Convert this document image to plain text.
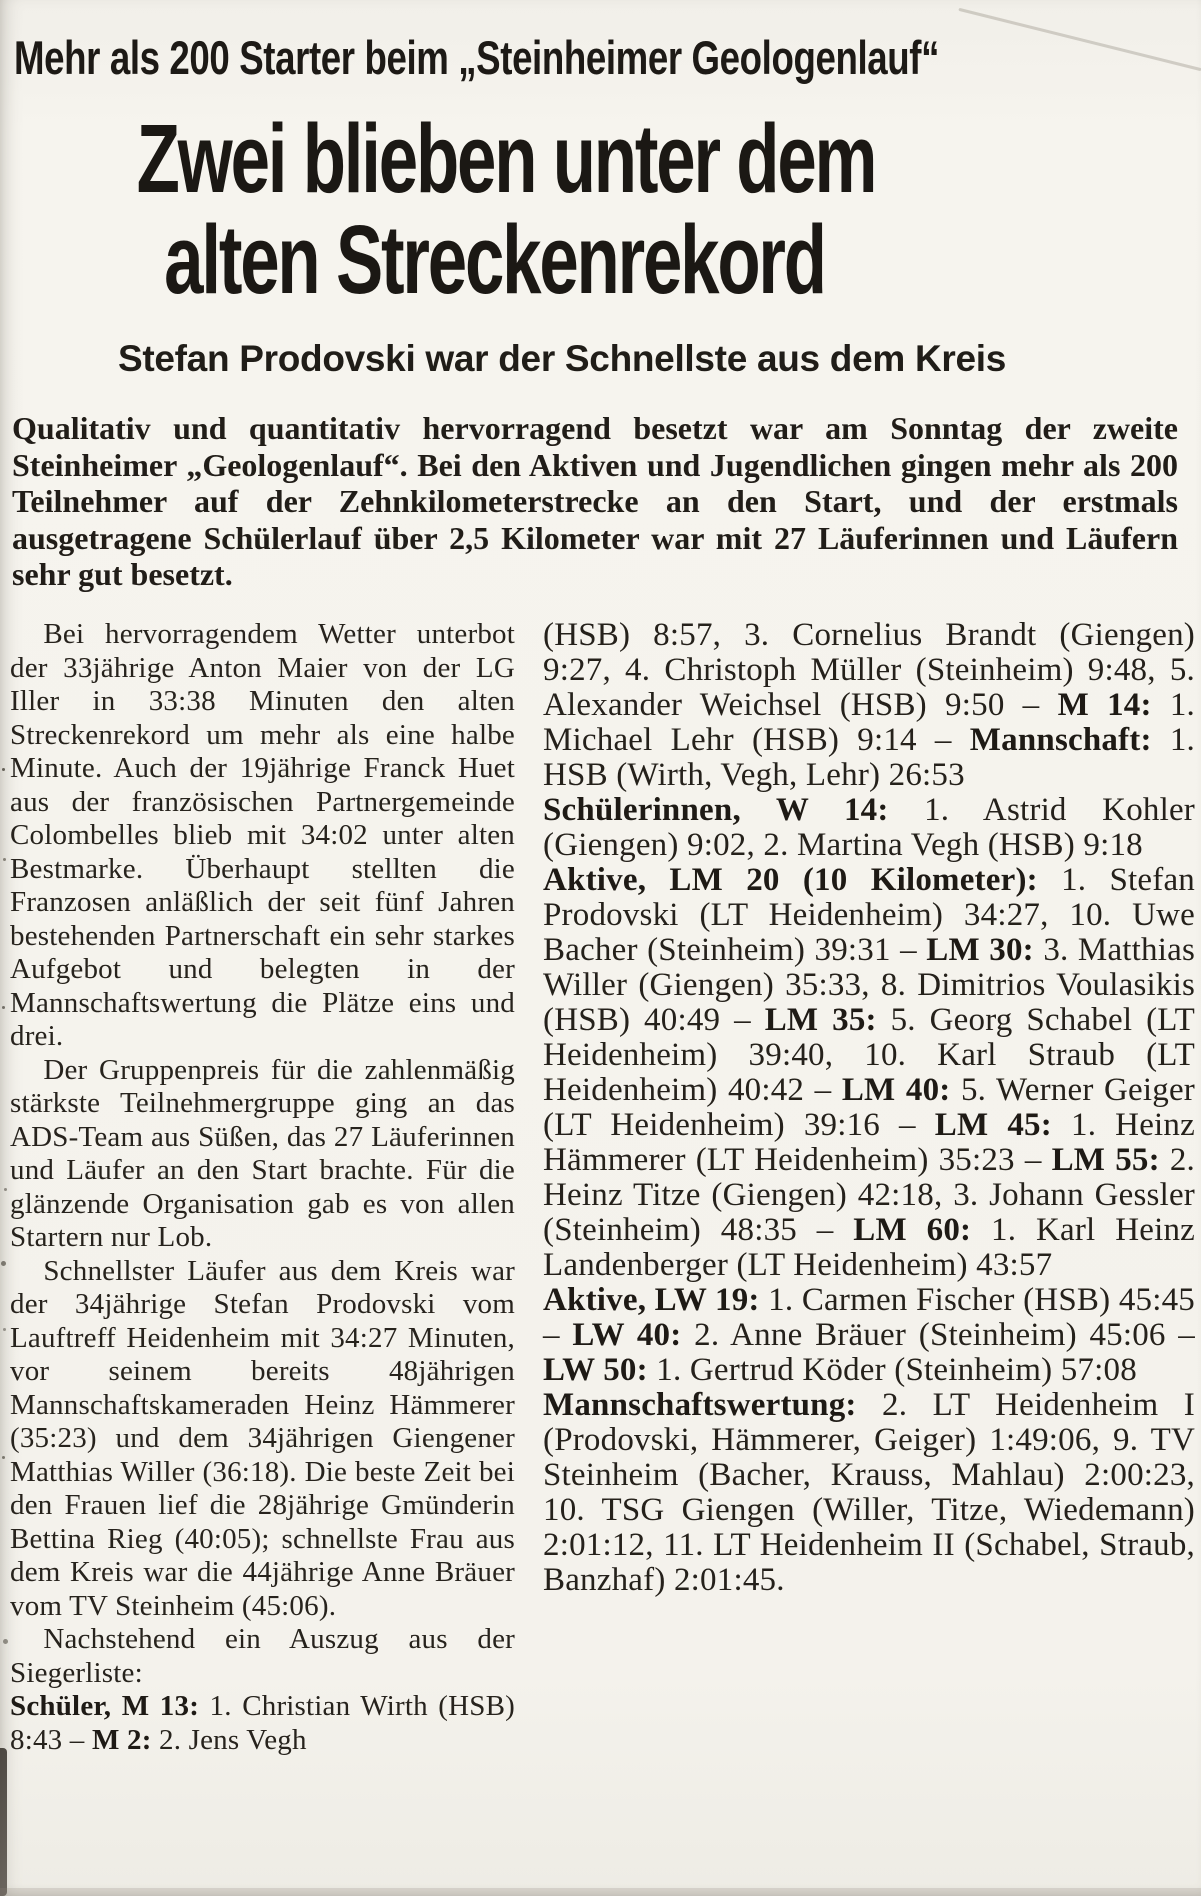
Mehr als 200 Starter beim „Steinheimer Geologenlauf“
Zwei blieben unter dem
alten Streckenrekord
Stefan Prodovski war der Schnellste aus dem Kreis
Qualitativ und quantitativ hervorragend besetzt war am Sonntag der zweite Steinheimer „Geologenlauf“. Bei den Aktiven und Jugendlichen gingen mehr als 200 Teilnehmer auf der Zehnkilometerstrecke an den Start, und der erstmals ausgetragene Schülerlauf über 2,5 Kilometer war mit 27 Läuferinnen und Läufern sehr gut besetzt.

Bei hervorragendem Wetter unterbot der 33jährige Anton Maier von der LG Iller in 33:38 Minuten den alten Streckenrekord um mehr als eine halbe Minute. Auch der 19jährige Franck Huet aus der französischen Partnergemeinde Colombelles blieb mit 34:02 unter alten Bestmarke. Überhaupt stellten die Franzosen anläßlich der seit fünf Jahren bestehenden Partnerschaft ein sehr starkes Aufgebot und belegten in der Mannschaftswertung die Plätze eins und drei.

Der Gruppenpreis für die zahlenmäßig stärkste Teilnehmergruppe ging an das ADS-Team aus Süßen, das 27 Läuferinnen und Läufer an den Start brachte. Für die glänzende Organisation gab es von allen Startern nur Lob.

Schnellster Läufer aus dem Kreis war der 34jährige Stefan Prodovski vom Lauftreff Heidenheim mit 34:27 Minuten, vor seinem bereits 48jährigen Mannschaftskameraden Heinz Hämmerer (35:23) und dem 34jährigen Giengener Matthias Willer (36:18). Die beste Zeit bei den Frauen lief die 28jährige Gmünderin Bettina Rieg (40:05); schnellste Frau aus dem Kreis war die 44jährige Anne Bräuer vom TV Steinheim (45:06).

Nachstehend ein Auszug aus der Siegerliste:

Schüler, M 13: 1. Christian Wirth (HSB) 8:43 – M 2: 2. Jens Vegh

(HSB) 8:57, 3. Cornelius Brandt (Giengen) 9:27, 4. Christoph Müller (Steinheim) 9:48, 5. Alexander Weichsel (HSB) 9:50 – M 14: 1. Michael Lehr (HSB) 9:14 – Mannschaft: 1. HSB (Wirth, Vegh, Lehr) 26:53

Schülerinnen, W 14: 1. Astrid Kohler (Giengen) 9:02, 2. Martina Vegh (HSB) 9:18

Aktive, LM 20 (10 Kilometer): 1. Stefan Prodovski (LT Heidenheim) 34:27, 10. Uwe Bacher (Steinheim) 39:31 – LM 30: 3. Matthias Willer (Giengen) 35:33, 8. Dimitrios Voulasikis (HSB) 40:49 – LM 35: 5. Georg Schabel (LT Heidenheim) 39:40, 10. Karl Straub (LT Heidenheim) 40:42 – LM 40: 5. Werner Geiger (LT Heidenheim) 39:16 – LM 45: 1. Heinz Hämmerer (LT Heidenheim) 35:23 – LM 55: 2. Heinz Titze (Giengen) 42:18, 3. Johann Gessler (Steinheim) 48:35 – LM 60: 1. Karl Heinz Landenberger (LT Heidenheim) 43:57

Aktive, LW 19: 1. Carmen Fischer (HSB) 45:45 – LW 40: 2. Anne Bräuer (Steinheim) 45:06 – LW 50: 1. Gertrud Köder (Steinheim) 57:08

Mannschaftswertung: 2. LT Heidenheim I (Prodovski, Hämmerer, Geiger) 1:49:06, 9. TV Steinheim (Bacher, Krauss, Mahlau) 2:00:23, 10. TSG Giengen (Willer, Titze, Wiedemann) 2:01:12, 11. LT Heidenheim II (Schabel, Straub, Banzhaf) 2:01:45.
